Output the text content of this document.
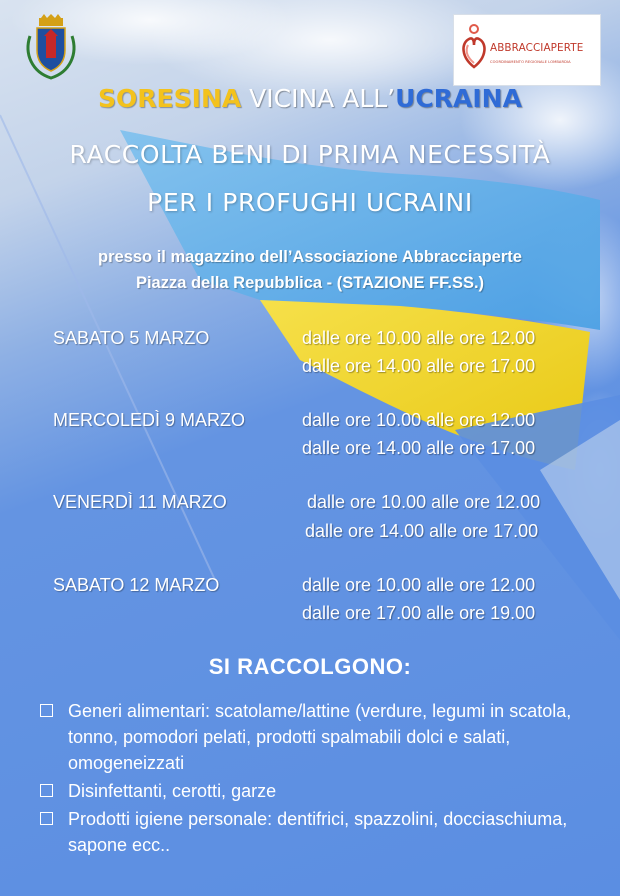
ABBRACCIAPERTE
COORDINAMENTO REGIONALE LOMBARDIA
SORESINA VICINA ALL’UCRAINA
RACCOLTA BENI DI PRIMA NECESSITÀ
PER I PROFUGHI UCRAINI
presso il magazzino dell’Associazione Abbracciaperte
Piazza della Repubblica - (STAZIONE FF.SS.)
SABATO 5 MARZO	dalle ore 10.00 alle ore 12.00
dalle ore 14.00 alle ore 17.00
MERCOLEDÌ 9 MARZO	dalle ore 10.00 alle ore 12.00
dalle ore 14.00 alle ore 17.00
VENERDÌ 11 MARZO	dalle ore 10.00 alle ore 12.00
dalle ore 14.00 alle ore 17.00
SABATO 12 MARZO	dalle ore 10.00 alle ore 12.00
dalle ore 17.00 alle ore 19.00
SI RACCOLGONO:
Generi alimentari: scatolame/lattine (verdure, legumi in scatola, tonno, pomodori pelati, prodotti spalmabili dolci e salati, omogeneizzati
Disinfettanti, cerotti, garze
Prodotti igiene personale: dentifrici, spazzolini, docciaschiuma, sapone ecc..
